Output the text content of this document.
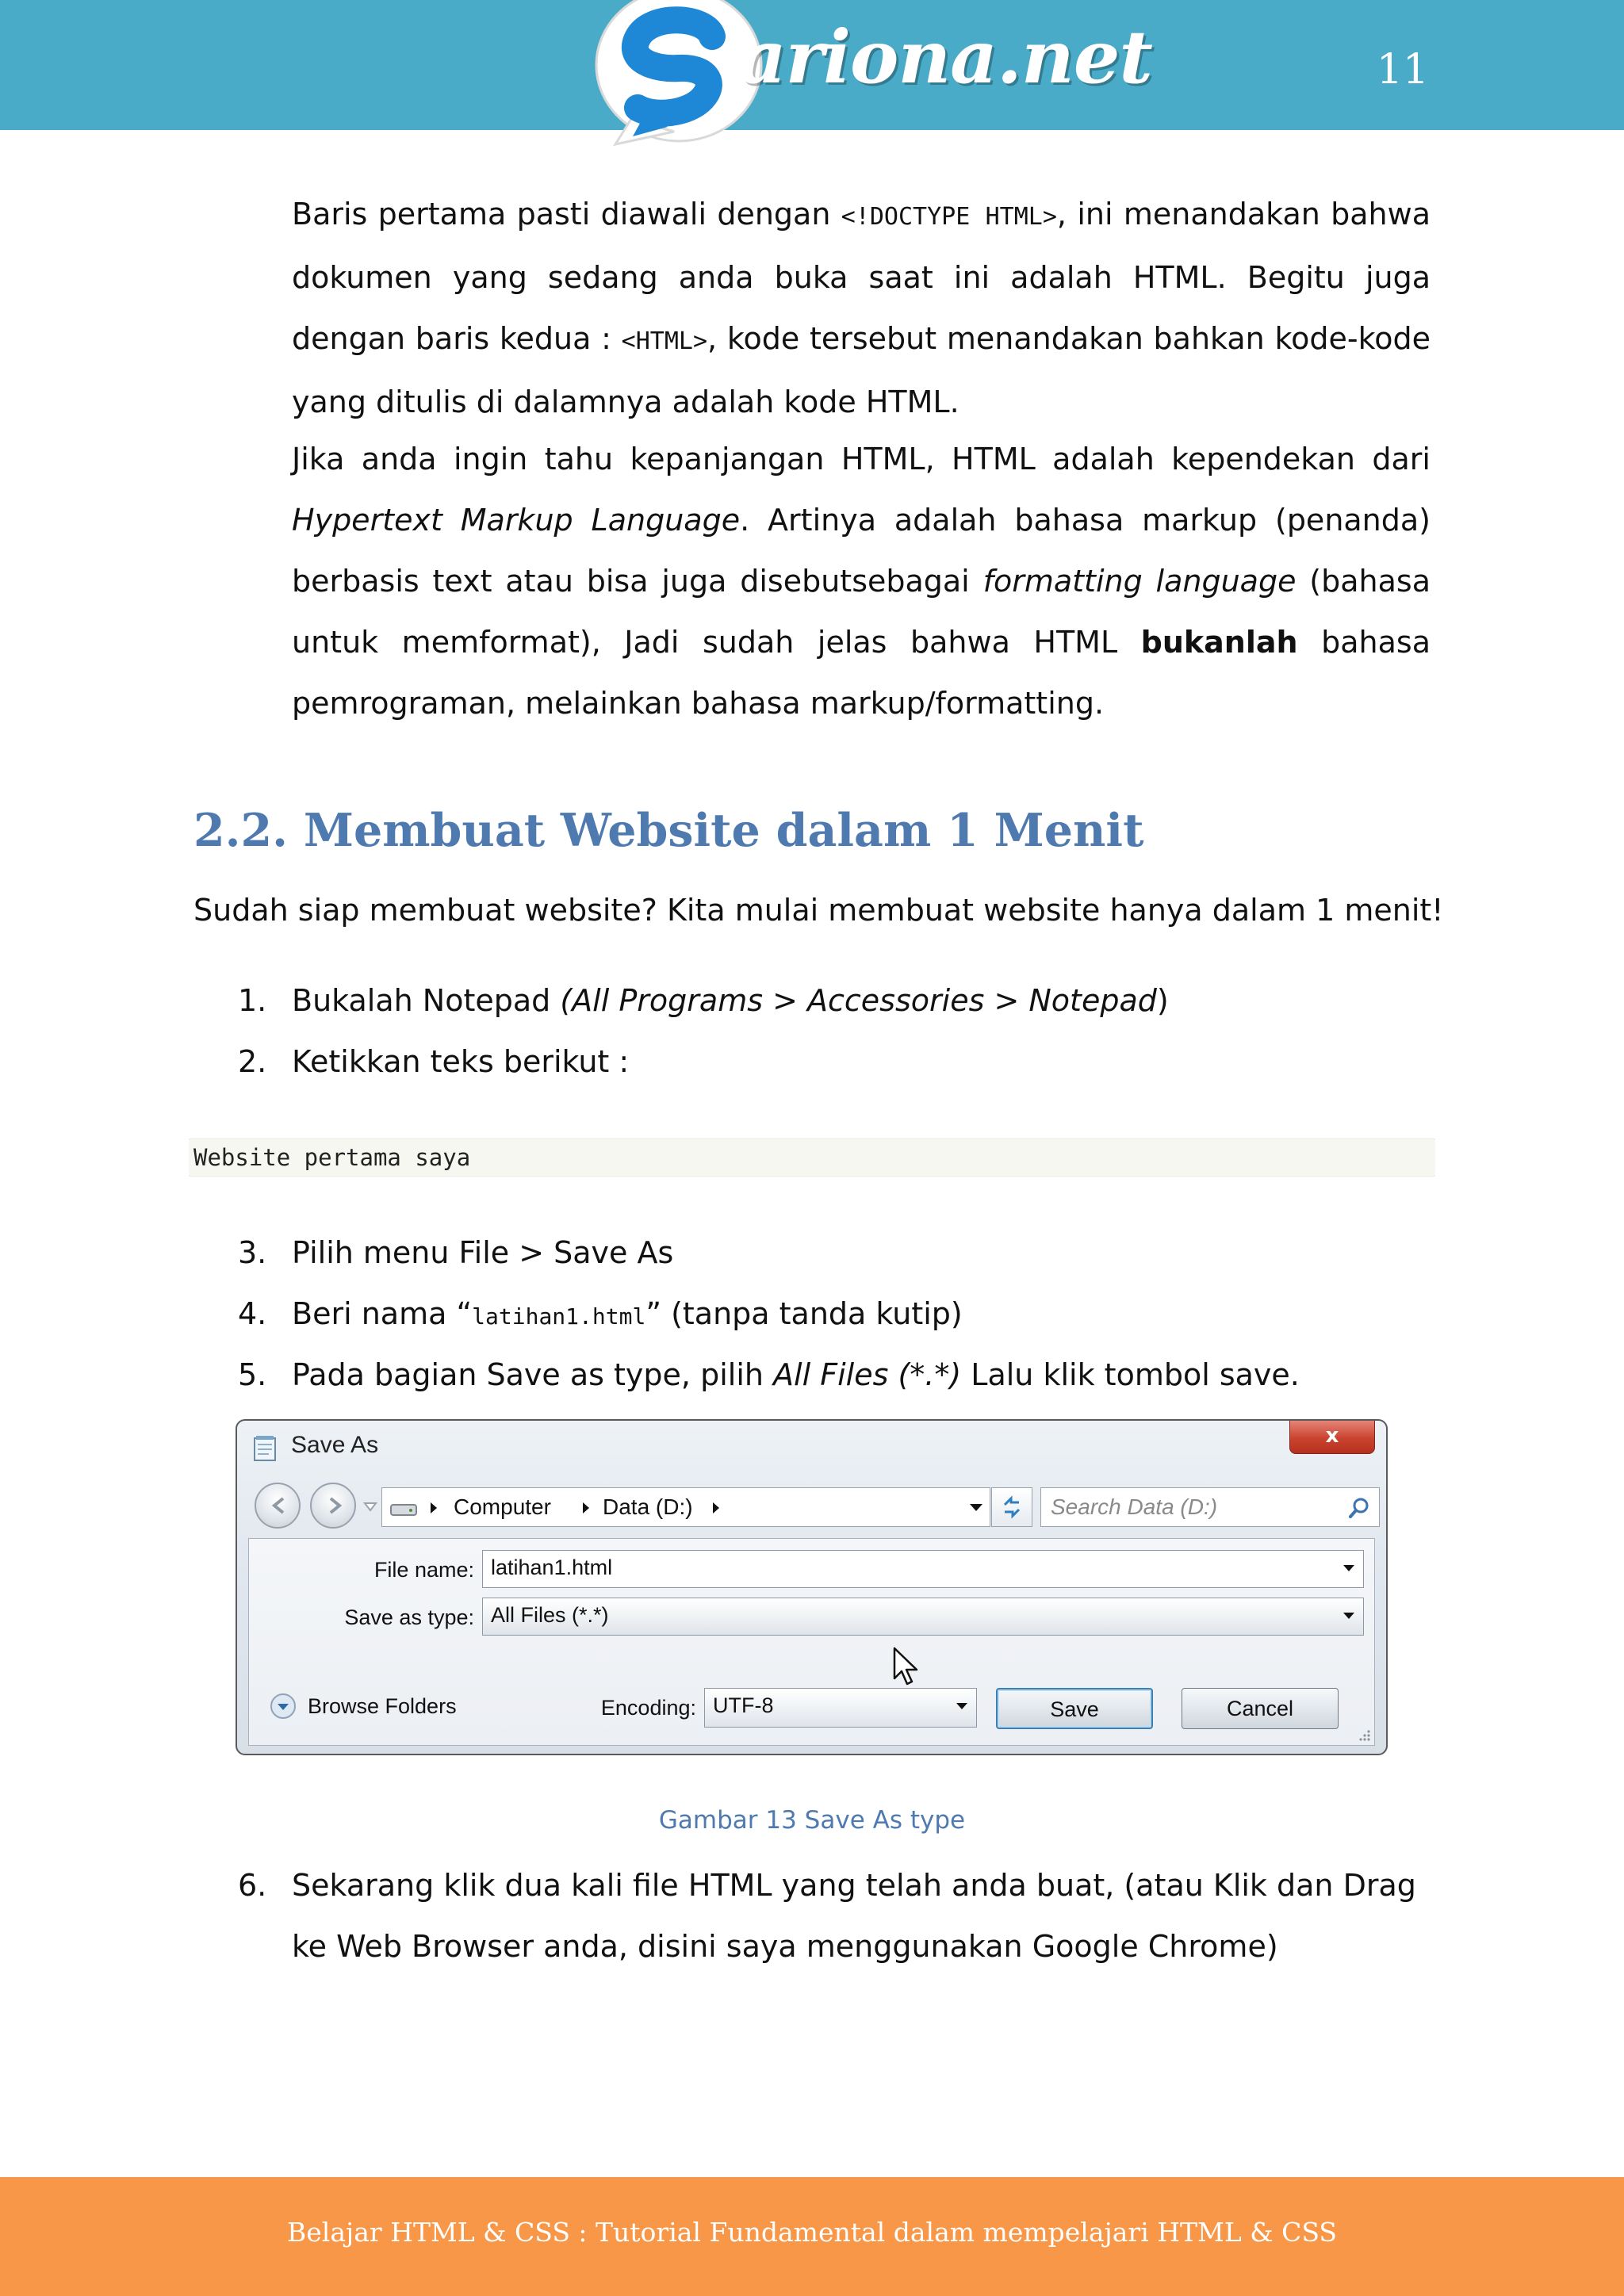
ariona.net	11

Baris pertama pasti diawali dengan <!DOCTYPE HTML>, ini menandakan bahwa dokumen yang sedang anda buka saat ini adalah HTML. Begitu juga dengan baris kedua : <HTML>, kode tersebut menandakan bahkan kode-kode yang ditulis di dalamnya adalah kode HTML.

Jika anda ingin tahu kepanjangan HTML, HTML adalah kependekan dari Hypertext Markup Language. Artinya adalah bahasa markup (penanda) berbasis text atau bisa juga disebutsebagai formatting language (bahasa untuk memformat), Jadi sudah jelas bahwa HTML bukanlah bahasa pemrograman, melainkan bahasa markup/formatting.

2.2. Membuat Website dalam 1 Menit

Sudah siap membuat website? Kita mulai membuat website hanya dalam 1 menit!

1. Bukalah Notepad (All Programs > Accessories > Notepad)
2. Ketikkan teks berikut :
Website pertama saya
3. Pilih menu File > Save As
4. Beri nama “latihan1.html” (tanpa tanda kutip)
5. Pada bagian Save as type, pilih All Files (*.*) Lalu klik tombol save.
Save As	x
Computer Data (D:)
Search Data (D:)
File name: latihan1.html
Save as type: All Files (*.*)
Browse Folders	Encoding: UTF-8	Save	Cancel

Gambar 13 Save As type

6. Sekarang klik dua kali file HTML yang telah anda buat, (atau Klik dan Drag ke Web Browser anda, disini saya menggunakan Google Chrome)
Belajar HTML & CSS : Tutorial Fundamental dalam mempelajari HTML & CSS
